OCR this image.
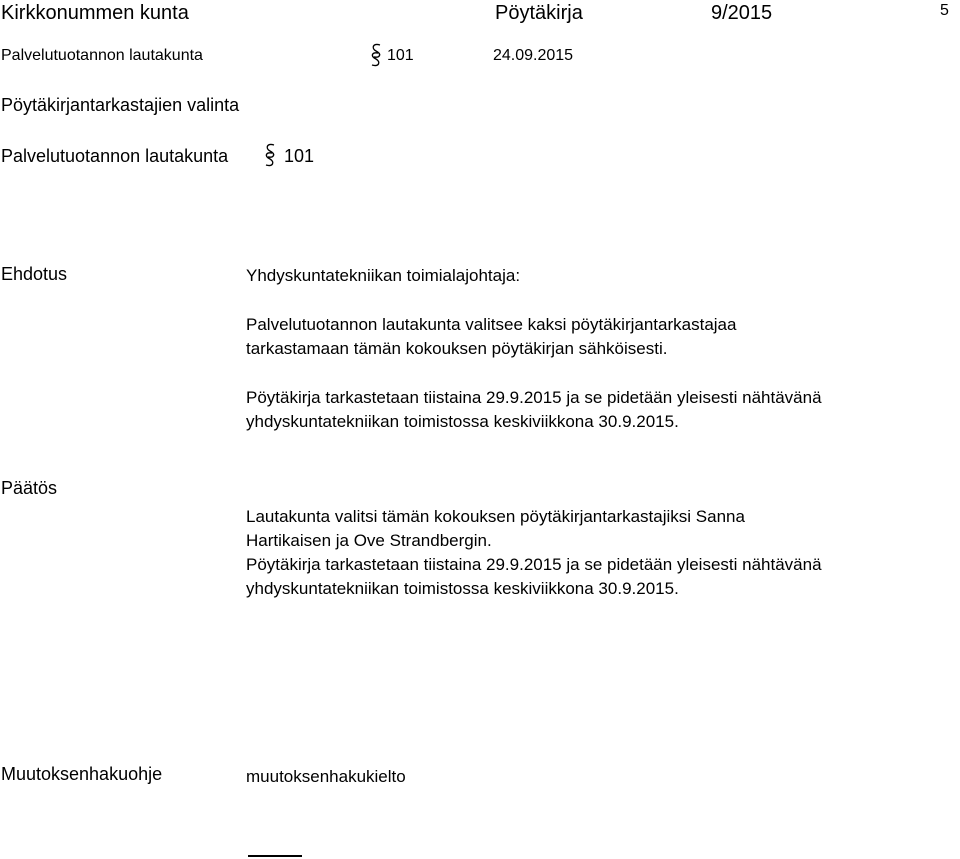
Kirkkonummen kunta	Pöytäkirja	9/2015	5
Palvelutuotannon lautakunta	101	24.09.2015
Pöytäkirjantarkastajien valinta
Palvelutuotannon lautakunta	101
Ehdotus	Yhdyskuntatekniikan toimialajohtaja:
Palvelutuotannon lautakunta valitsee kaksi pöytäkirjantarkastajaa
tarkastamaan tämän kokouksen pöytäkirjan sähköisesti.
Pöytäkirja tarkastetaan tiistaina 29.9.2015 ja se pidetään yleisesti nähtävänä
yhdyskuntatekniikan toimistossa keskiviikkona 30.9.2015.
Päätös
Lautakunta valitsi tämän kokouksen pöytäkirjantarkastajiksi Sanna
Hartikaisen ja Ove Strandbergin.
Pöytäkirja tarkastetaan tiistaina 29.9.2015 ja se pidetään yleisesti nähtävänä
yhdyskuntatekniikan toimistossa keskiviikkona 30.9.2015.
Muutoksenhakuohje	muutoksenhakukielto
